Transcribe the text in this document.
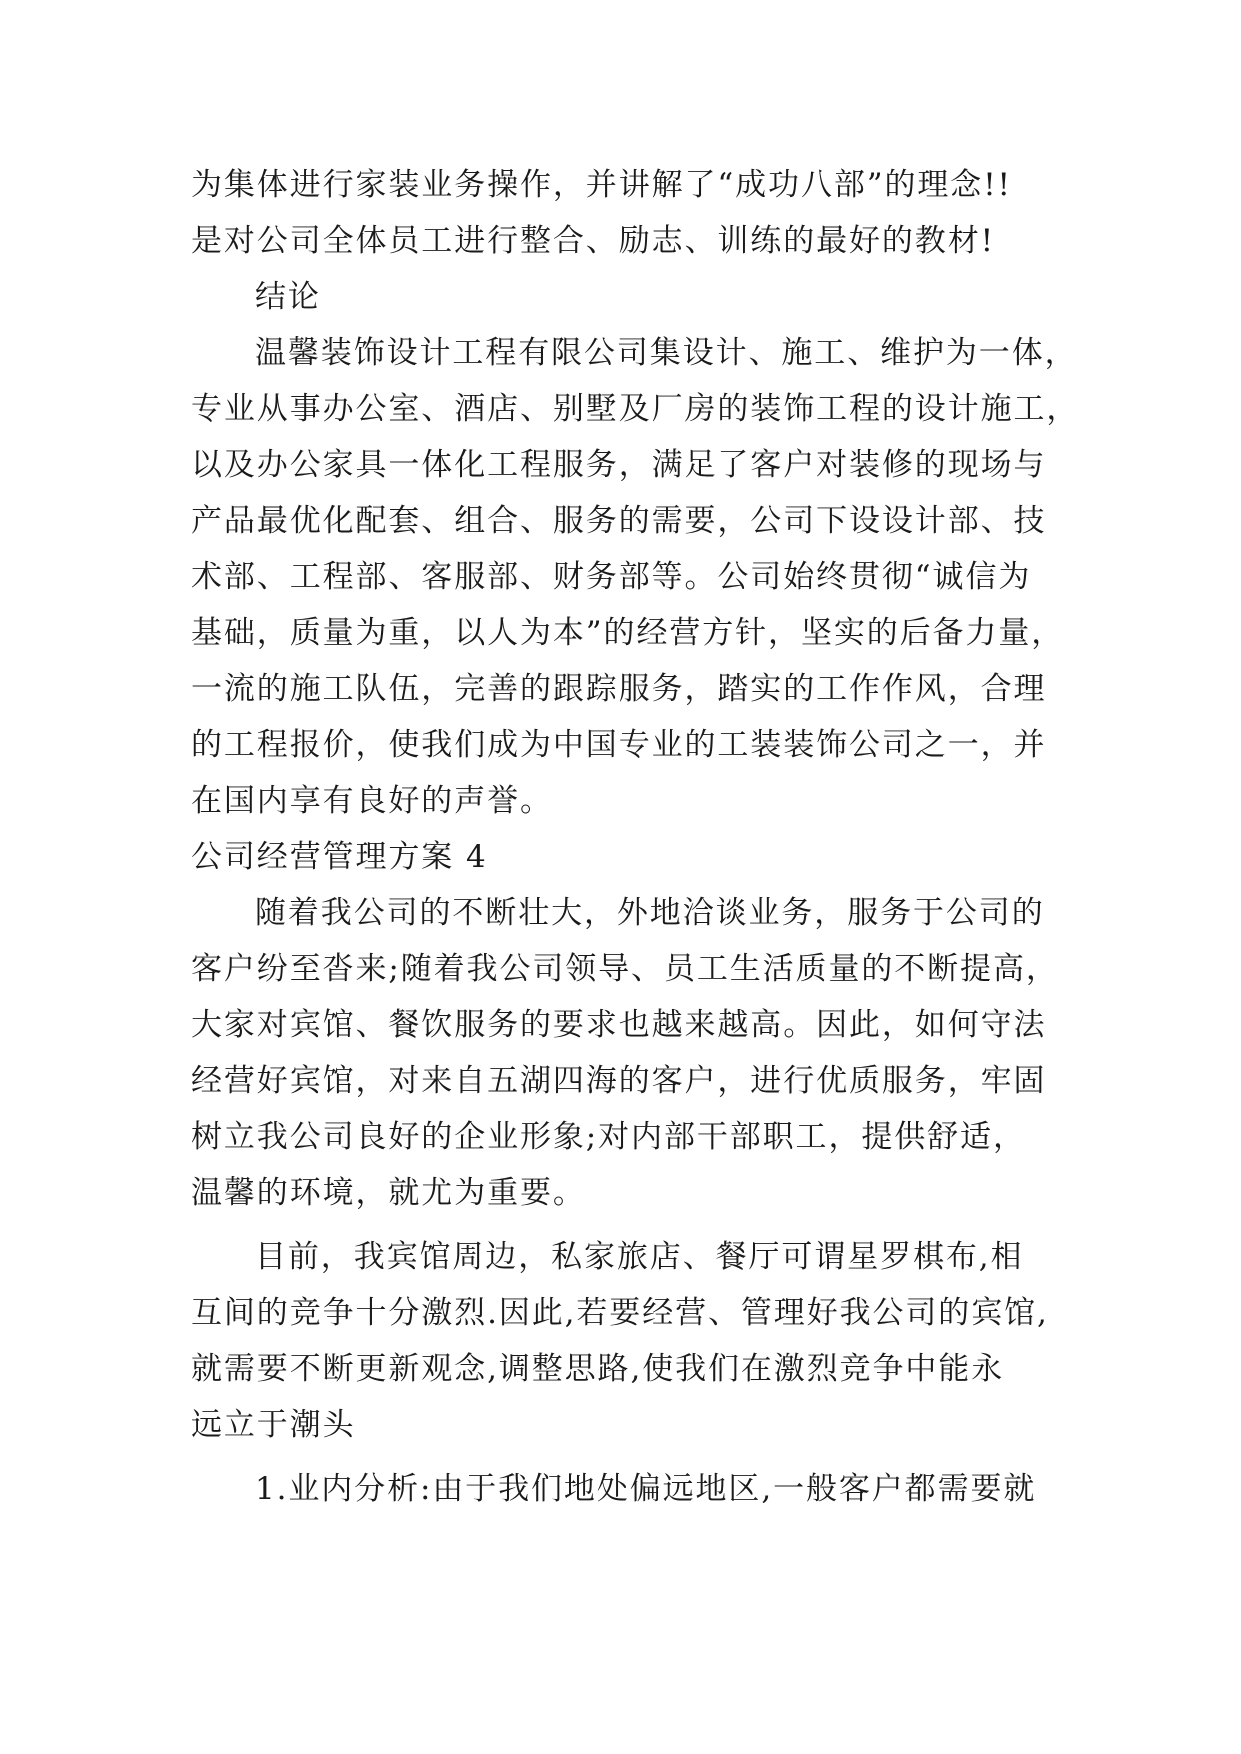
为集体进行家装业务操作，并讲解了“成功八部”的理念!!
是对公司全体员工进行整合、励志、训练的最好的教材!
结论
温馨装饰设计工程有限公司集设计、施工、维护为一体，
专业从事办公室、酒店、别墅及厂房的装饰工程的设计施工，
以及办公家具一体化工程服务，满足了客户对装修的现场与
产品最优化配套、组合、服务的需要，公司下设设计部、技
术部、工程部、客服部、财务部等。公司始终贯彻“诚信为
基础，质量为重，以人为本”的经营方针，坚实的后备力量，
一流的施工队伍，完善的跟踪服务，踏实的工作作风，合理
的工程报价，使我们成为中国专业的工装装饰公司之一，并
在国内享有良好的声誉。
公司经营管理方案 4
随着我公司的不断壮大，外地洽谈业务，服务于公司的
客户纷至沓来;随着我公司领导、员工生活质量的不断提高，
大家对宾馆、餐饮服务的要求也越来越高。因此，如何守法
经营好宾馆，对来自五湖四海的客户，进行优质服务，牢固
树立我公司良好的企业形象;对内部干部职工，提供舒适，
温馨的环境，就尤为重要。
目前，我宾馆周边，私家旅店、餐厅可谓星罗棋布,相
互间的竞争十分激烈.因此,若要经营、管理好我公司的宾馆,
就需要不断更新观念,调整思路,使我们在激烈竞争中能永
远立于潮头
1.业内分析:由于我们地处偏远地区,一般客户都需要就
